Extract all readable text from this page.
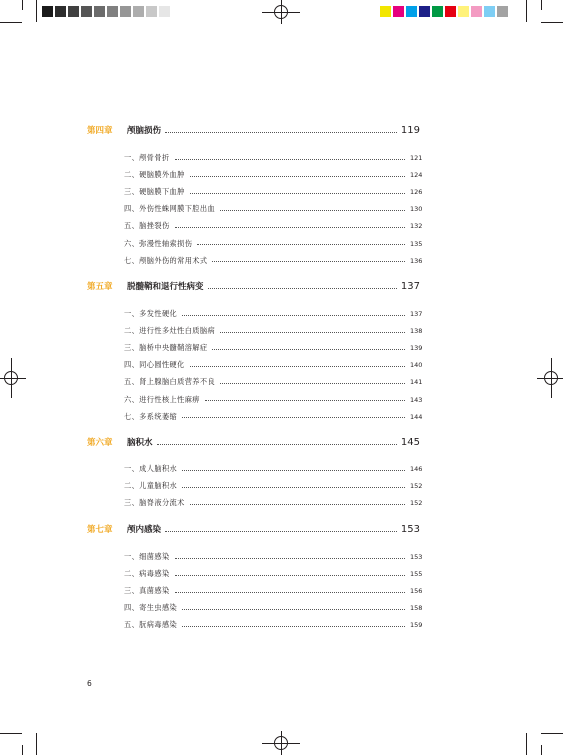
第四章	颅脑损伤	119
一、颅骨骨折	121
二、硬脑膜外血肿	124
三、硬脑膜下血肿	126
四、外伤性蛛网膜下腔出血	130
五、脑挫裂伤	132
六、弥漫性轴索损伤	135
七、颅脑外伤的常用术式	136
第五章	脱髓鞘和退行性病变	137
一、多发性硬化	137
二、进行性多灶性白质脑病	138
三、脑桥中央髓鞘溶解症	139
四、同心圆性硬化	140
五、肾上腺脑白质营养不良	141
六、进行性核上性麻痹	143
七、多系统萎缩	144
第六章	脑积水	145
一、成人脑积水	146
二、儿童脑积水	152
三、脑脊液分流术	152
第七章	颅内感染	153
一、细菌感染	153
二、病毒感染	155
三、真菌感染	156
四、寄生虫感染	158
五、朊病毒感染	159
6
